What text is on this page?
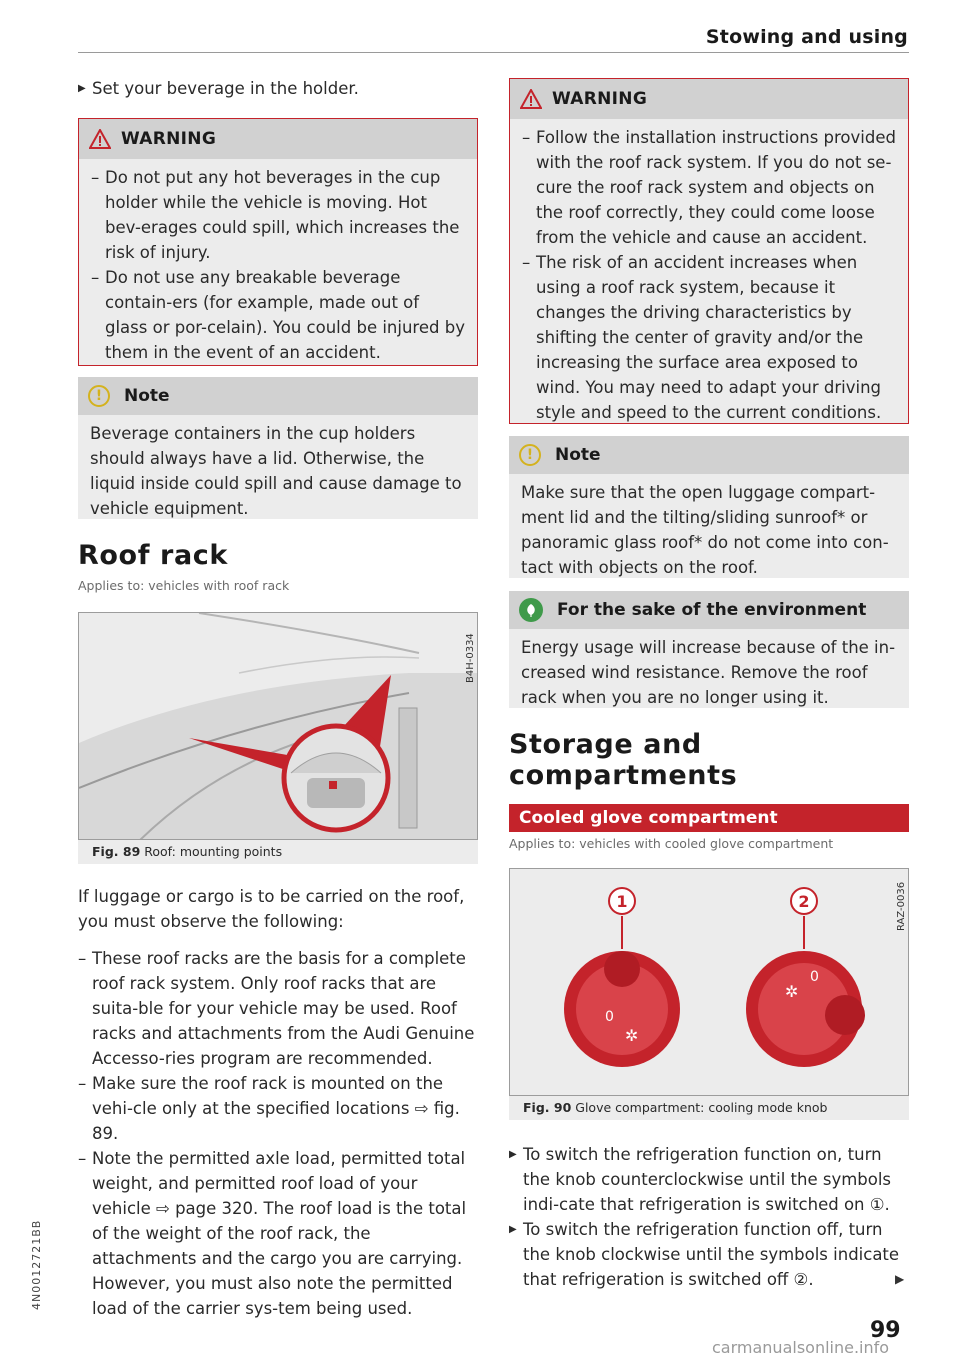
Stowing and using
▶ Set your beverage in the holder.
WARNING
– Do not put any hot beverages in the cup holder while the vehicle is moving. Hot bev-erages could spill, which increases the risk of injury.
– Do not use any breakable beverage contain-ers (for example, made out of glass or por-celain). You could be injured by them in the event of an accident.
!	Note
Beverage containers in the cup holders should always have a lid. Otherwise, the liquid inside could spill and cause damage to vehicle equipment.
Roof rack
Applies to: vehicles with roof rack
B4H-0334
Fig. 89 Roof: mounting points
If luggage or cargo is to be carried on the roof, you must observe the following:
– These roof racks are the basis for a complete roof rack system. Only roof racks that are suita-ble for your vehicle may be used. Roof racks and attachments from the Audi Genuine Accesso-ries program are recommended.
– Make sure the roof rack is mounted on the vehi-cle only at the specified locations ⇨ fig. 89.
– Note the permitted axle load, permitted total weight, and permitted roof load of your vehicle ⇨ page 320. The roof load is the total of the weight of the roof rack, the attachments and the cargo you are carrying. However, you must also note the permitted load of the carrier sys-tem being used.
WARNING
– Follow the installation instructions provided with the roof rack system. If you do not se-cure the roof rack system and objects on the roof correctly, they could come loose from the vehicle and cause an accident.
– The risk of an accident increases when using a roof rack system, because it changes the driving characteristics by shifting the center of gravity and/or the increasing the surface area exposed to wind. You may need to adapt your driving style and speed to the current conditions.
!	Note
Make sure that the open luggage compart-ment lid and the tilting/sliding sunroof* or panoramic glass roof* do not come into con-tact with objects on the roof.
For the sake of the environment
Energy usage will increase because of the in-creased wind resistance. Remove the roof rack when you are no longer using it.
Storage and
compartments
Cooled glove compartment
Applies to: vehicles with cooled glove compartment
0
✲
0
✲
1	2	RAZ-0036
Fig. 90 Glove compartment: cooling mode knob
▶ To switch the refrigeration function on, turn the knob counterclockwise until the symbols indi-cate that refrigeration is switched on ①.
▶ To switch the refrigeration function off, turn the knob clockwise until the symbols indicate that refrigeration is switched off ②.	▶
99
4N0012721BB
carmanualsonline.info
